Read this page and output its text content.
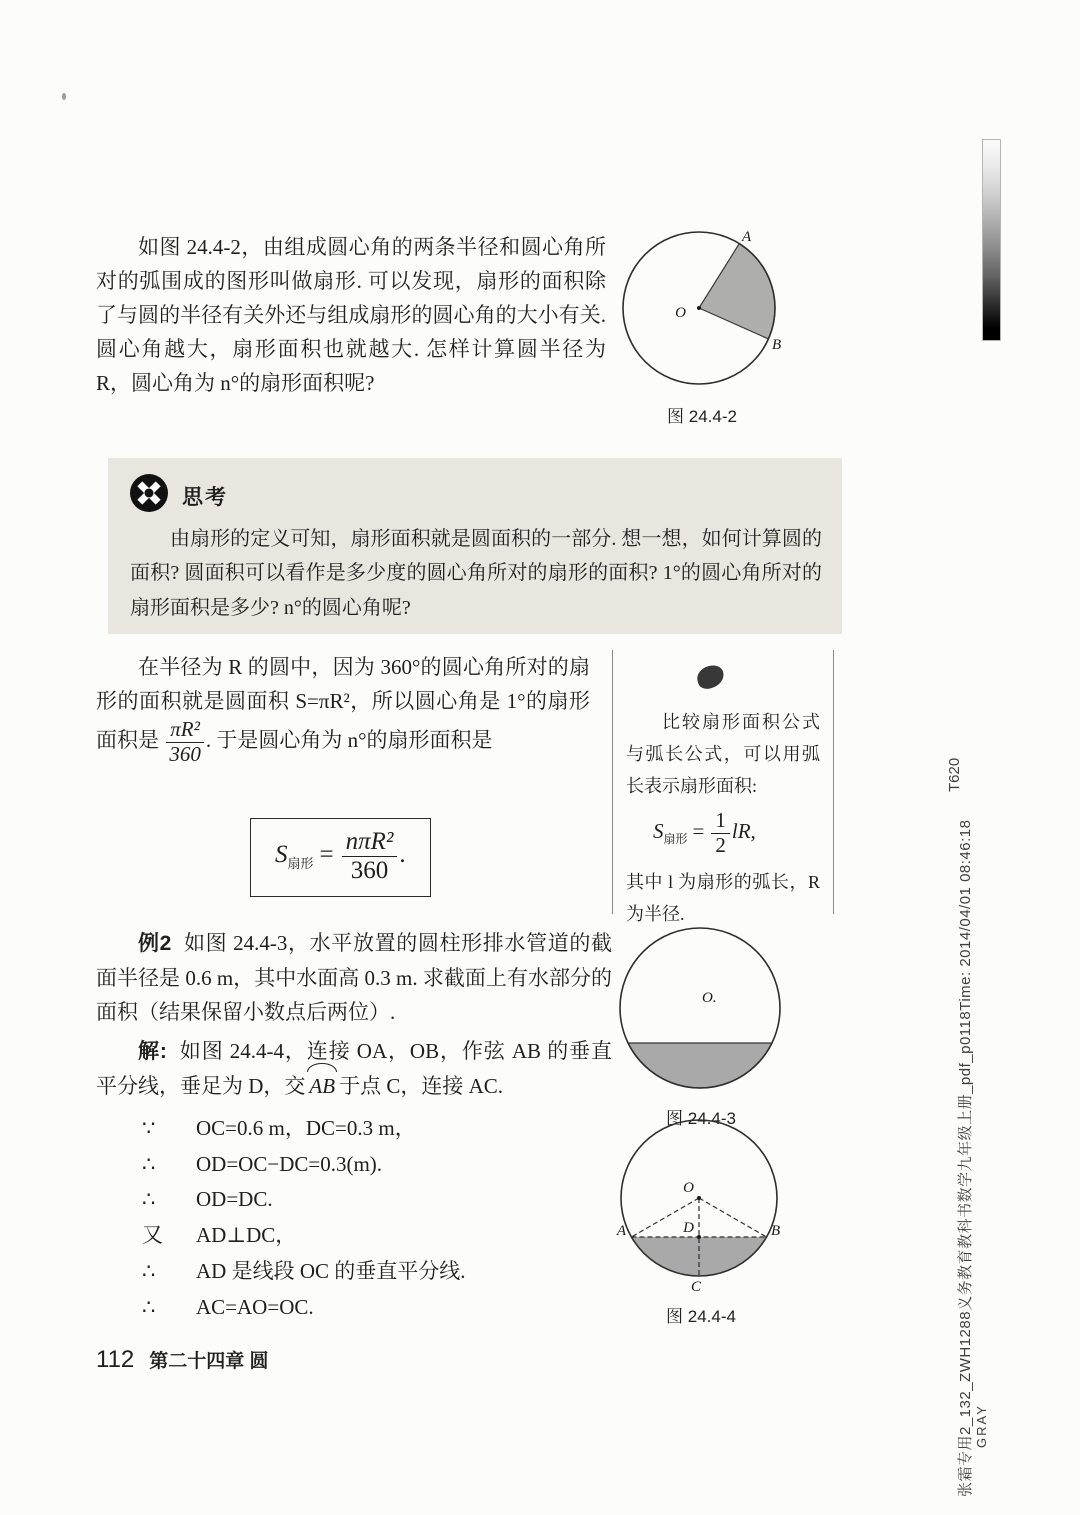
如图 24.4-2，由组成圆心角的两条半径和圆心角所对的弧围成的图形叫做扇形. 可以发现，扇形的面积除了与圆的半径有关外还与组成扇形的圆心角的大小有关. 圆心角越大，扇形面积也就越大. 怎样计算圆半径为 R，圆心角为 n°的扇形面积呢?

O
A
B
图 24.4-2
思考

由扇形的定义可知，扇形面积就是圆面积的一部分. 想一想，如何计算圆的面积? 圆面积可以看作是多少度的圆心角所对的扇形的面积? 1°的圆心角所对的扇形面积是多少? n°的圆心角呢?

在半径为 R 的圆中，因为 360°的圆心角所对的扇形的面积就是圆面积 S=πR²，所以圆心角是 1°的扇形面积是 $\frac{\text{πR²}}{360}$ . 于是圆心角为 n°的扇形面积是
$S_{扇形} = \frac{\text{nπR²}}{360}$ .

比较扇形面积公式与弧长公式，可以用弧长表示扇形面积:

$S_{扇形} = \frac{1}{2}$ lR,

其中 l 为扇形的弧长，R 为半径.

例2 如图 24.4-3，水平放置的圆柱形排水管道的截面半径是 0.6 m，其中水面高 0.3 m. 求截面上有水部分的面积（结果保留小数点后两位）.

解: 如图 24.4-4，连接 OA，OB，作弦 AB 的垂直平分线，垂足为 D，交 AB 于点 C，连接 AC.

∵	OC=0.6 m，DC=0.3 m，
∴	OD=OC−DC=0.3(m).
∴	OD=DC.
又	AD⊥DC，
∴	AD 是线段 OC 的垂直平分线.
∴	AC=AO=OC.
O.
图 24.4-3
O
D
A	B
C
图 24.4-4
112 第二十四章 圆
T620
张霜专用2_132_ZWH1288义务教育教科书数学九年级上册_pdf_p0118Time: 2014/04/01 08:46:18 GRAY
